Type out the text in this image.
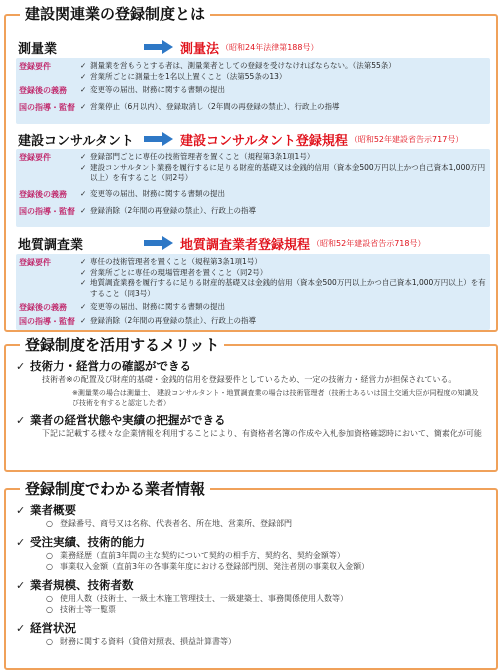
建設関連業の登録制度とは
測量業	測量法 （昭和24年法律第188号）
登録要件	✓ 測量業を営もうとする者は、測量業者としての登録を受けなければならない。（法第55条）
✓ 営業所ごとに測量士を1名以上置くこと（法第55条の13）
登録後の義務	✓ 変更等の届出、財務に関する書類の提出
国の指導・監督 ✓ 営業停止（6月以内）、登録取消し（2年間の再登録の禁止）、行政上の指導
建設コンサルタント	建設コンサルタント登録規程 （昭和52年建設省告示717号）
登録要件	✓ 登録部門ごとに専任の技術管理者を置くこと（規程第3条1項1号）
✓ 建設コンサルタント業務を履行するに足りる財産的基礎又は金銭的信用（資本金500万円以上かつ自己資本1,000万円以上）を有すること（同2号）
登録後の義務	✓ 変更等の届出、財務に関する書類の提出
国の指導・監督 ✓ 登録消除（2年間の再登録の禁止）、行政上の指導
地質調査業	地質調査業者登録規程 （昭和52年建設省告示718号）
登録要件	✓ 専任の技術管理者を置くこと（規程第3条1項1号）
✓ 営業所ごとに専任の現場管理者を置くこと（同2号）
✓ 地質調査業務を履行するに足りる財産的基礎又は金銭的信用（資本金500万円以上かつ自己資本1,000万円以上）を有すること（同3号）
登録後の義務	✓ 変更等の届出、財務に関する書類の提出
国の指導・監督 ✓ 登録消除（2年間の再登録の禁止）、行政上の指導
登録制度を活用するメリット
✓ 技術力・経営力の確認ができる
技術者※の配置及び財産的基礎・金銭的信用を登録要件としているため、一定の技術力・経営力が担保されている。
※測量業の場合は測量士、 建設コンサルタント・地質調査業の場合は技術管理者（技術士あるいは国土交通大臣が同程度の知識及び技術を有すると認定した者）
✓ 業者の経営状態や実績の把握ができる
下記に記載する様々な企業情報を利用することにより、有資格者名簿の作成や入札参加資格確認時において、簡素化が可能
登録制度でわかる業者情報
✓ 業者概要
○ 登録番号、商号又は名称、代表者名、所在地、営業所、登録部門
✓ 受注実績、技術的能力
○ 業務経歴（直前3年間の主な契約について契約の相手方、契約名、契約金額等）
○ 事業収入金額（直前3年の各事業年度における登録部門別、発注者別の事業収入金額）
✓ 業者規模、技術者数
○ 使用人数（技術士、一級土木施工管理技士、一級建築士、事務関係使用人数等）
○ 技術士等一覧票
✓ 経営状況
○ 財務に関する資料（貸借対照表、損益計算書等）
